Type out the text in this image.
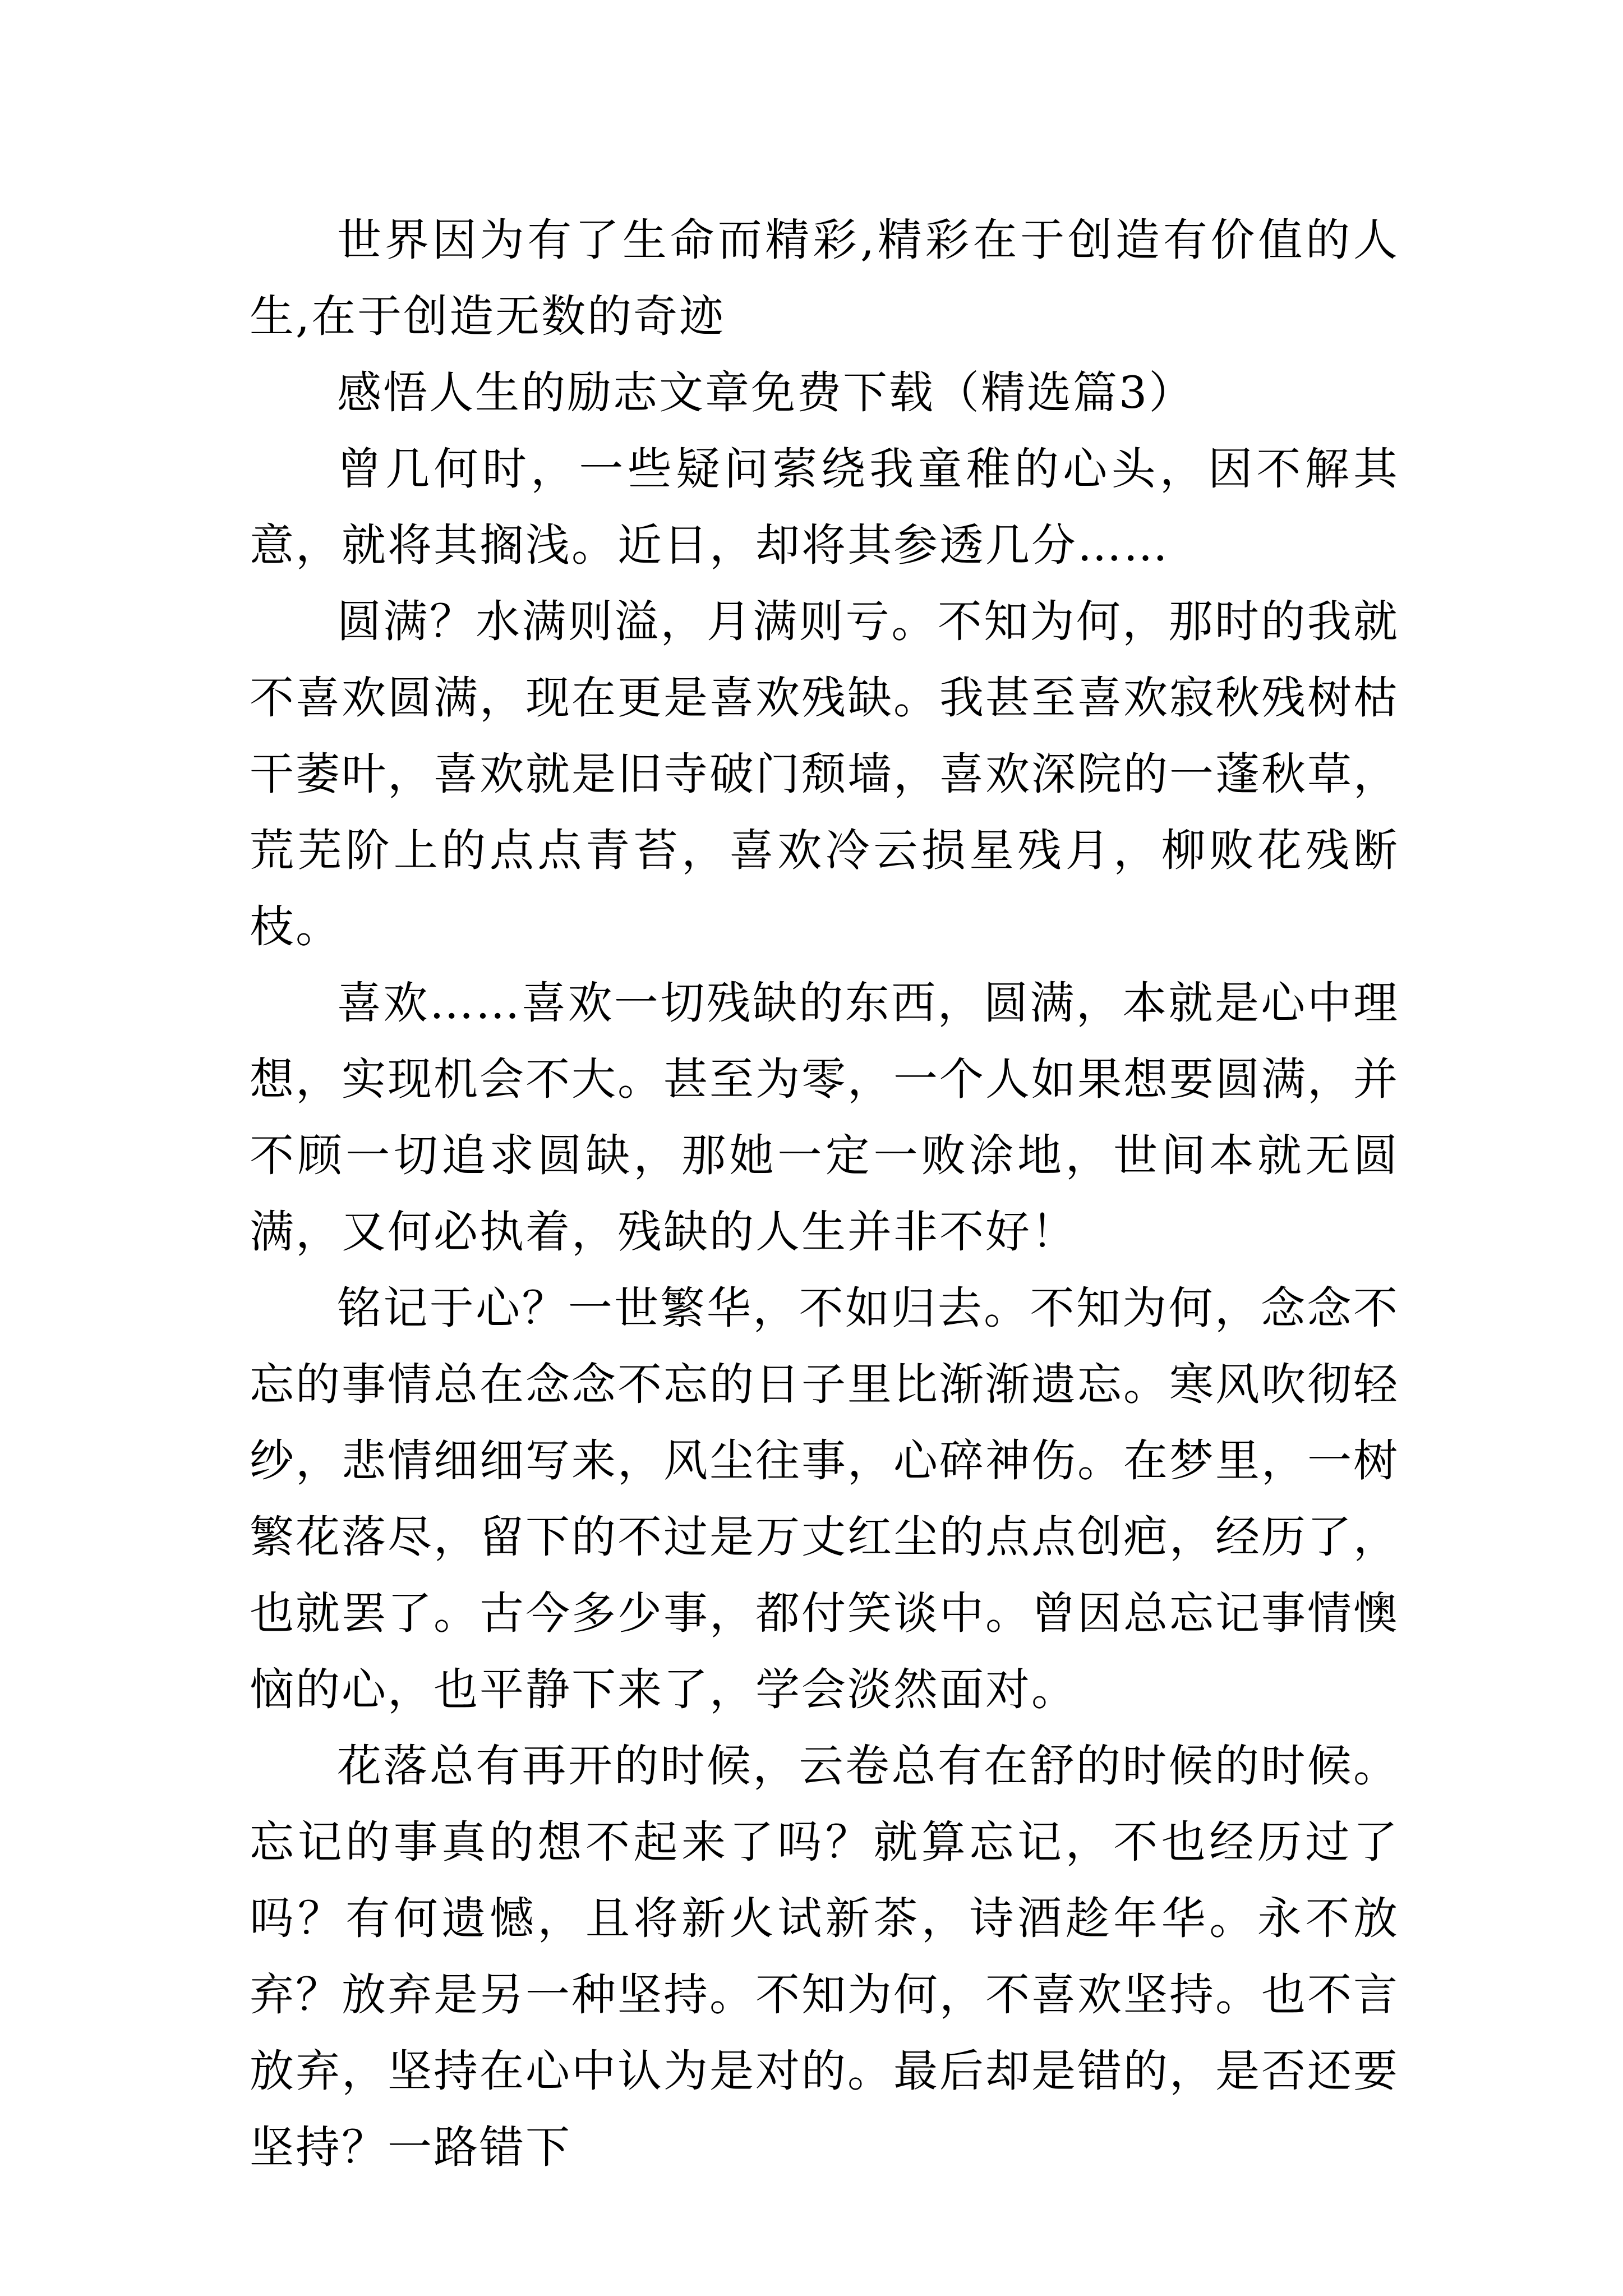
世界因为有了生命而精彩,精彩在于创造有价值的人生,在于创造无数的奇迹

感悟人生的励志文章免费下载（精选篇3）

曾几何时，一些疑问萦绕我童稚的心头，因不解其意，就将其搁浅。近日，却将其参透几分……

圆满？水满则溢，月满则亏。不知为何，那时的我就不喜欢圆满，现在更是喜欢残缺。我甚至喜欢寂秋残树枯干萎叶，喜欢就是旧寺破门颓墙，喜欢深院的一蓬秋草，荒芜阶上的点点青苔，喜欢冷云损星残月，柳败花残断枝。

喜欢……喜欢一切残缺的东西，圆满，本就是心中理想，实现机会不大。甚至为零，一个人如果想要圆满，并不顾一切追求圆缺，那她一定一败涂地，世间本就无圆满，又何必执着，残缺的人生并非不好！

铭记于心？一世繁华，不如归去。不知为何，念念不忘的事情总在念念不忘的日子里比渐渐遗忘。寒风吹彻轻纱，悲情细细写来，风尘往事，心碎神伤。在梦里，一树繁花落尽，留下的不过是万丈红尘的点点创疤，经历了，也就罢了。古今多少事，都付笑谈中。曾因总忘记事情懊恼的心，也平静下来了，学会淡然面对。

花落总有再开的时候，云卷总有在舒的时候的时候。忘记的事真的想不起来了吗？就算忘记，不也经历过了吗？有何遗憾，且将新火试新茶，诗酒趁年华。永不放弃？放弃是另一种坚持。不知为何，不喜欢坚持。也不言放弃，坚持在心中认为是对的。最后却是错的，是否还要坚持？一路错下
